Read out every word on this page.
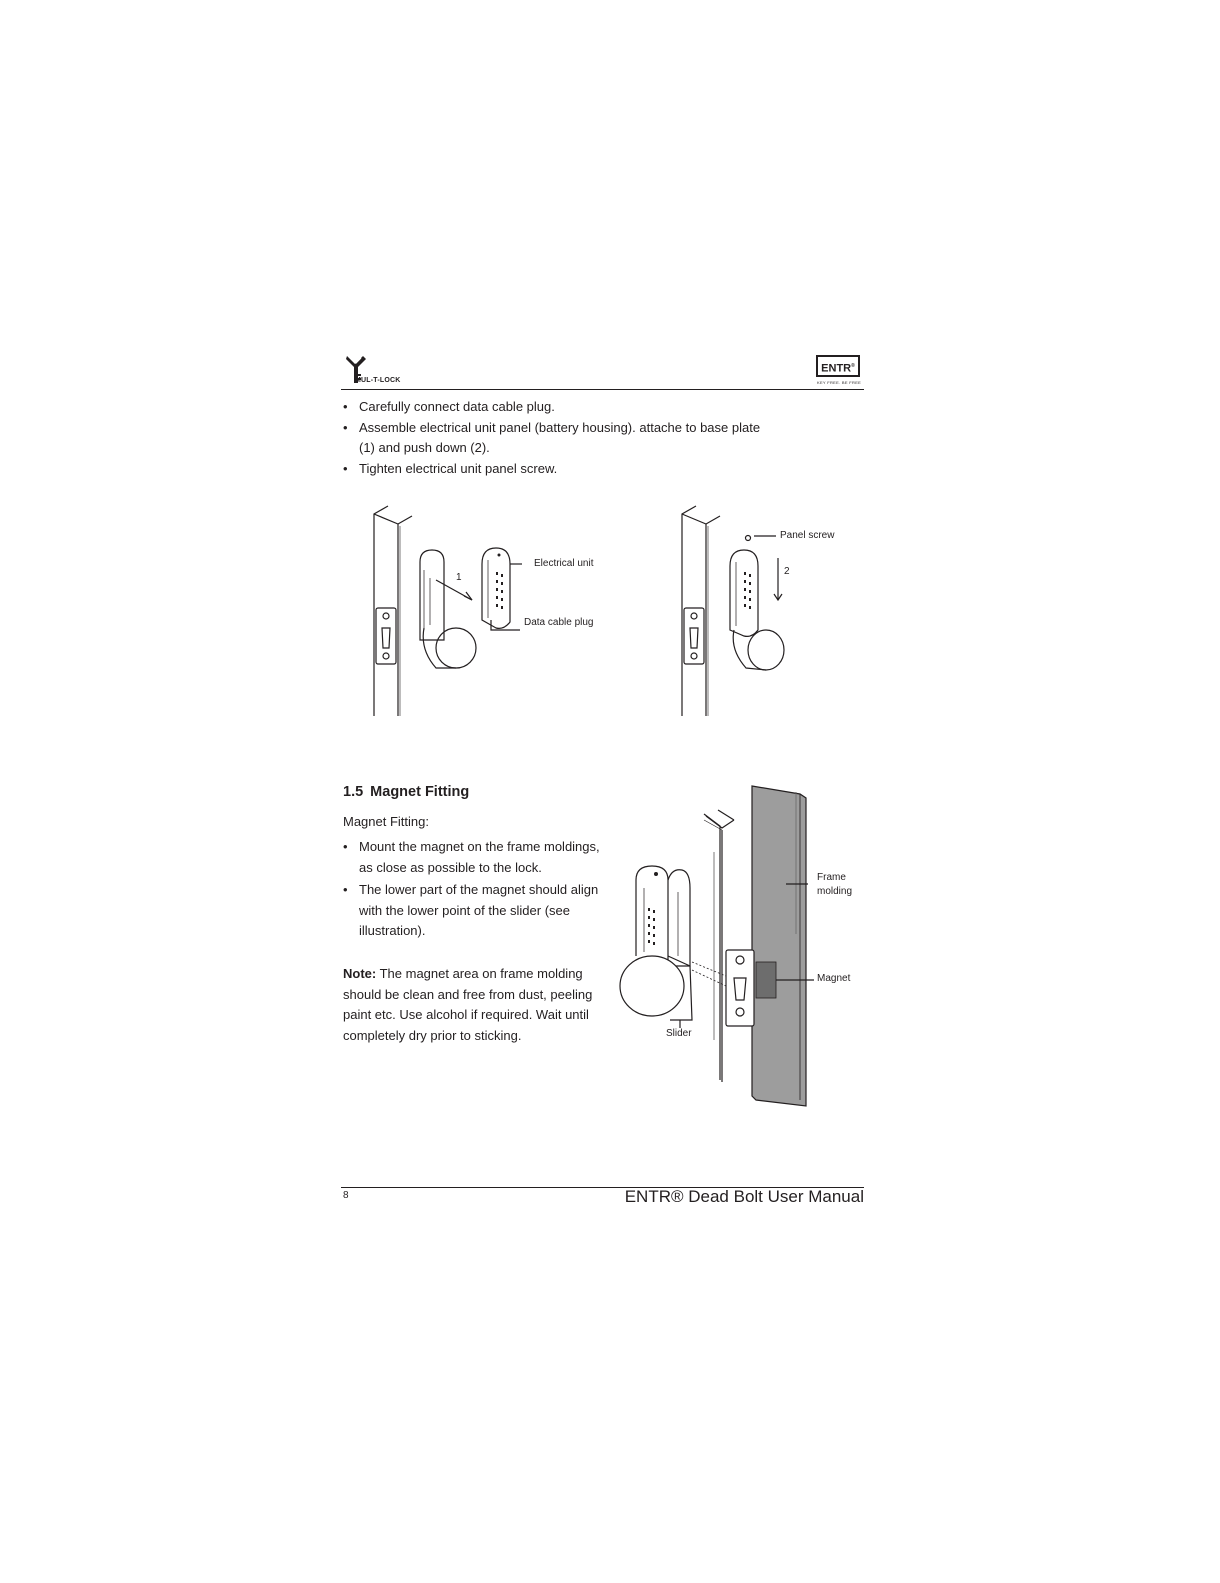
MUL-T-LOCK
ENTR®
KEY FREE. BE FREE
• Carefully connect data cable plug.
• Assemble electrical unit panel (battery housing). attache to base plate (1) and push down (2).
• Tighten electrical unit panel screw.
1
Electrical unit
Data cable plug
Panel screw
2
1.5 Magnet Fitting
Magnet Fitting:
• Mount the magnet on the frame moldings, as close as possible to the lock.
• The lower part of the magnet should align with the lower point of the slider (see illustration).
Note: The magnet area on frame molding should be clean and free from dust, peeling paint etc. Use alcohol if required. Wait until completely dry prior to sticking.
Frame
molding
Magnet
Slider
8	ENTR® Dead Bolt User Manual
